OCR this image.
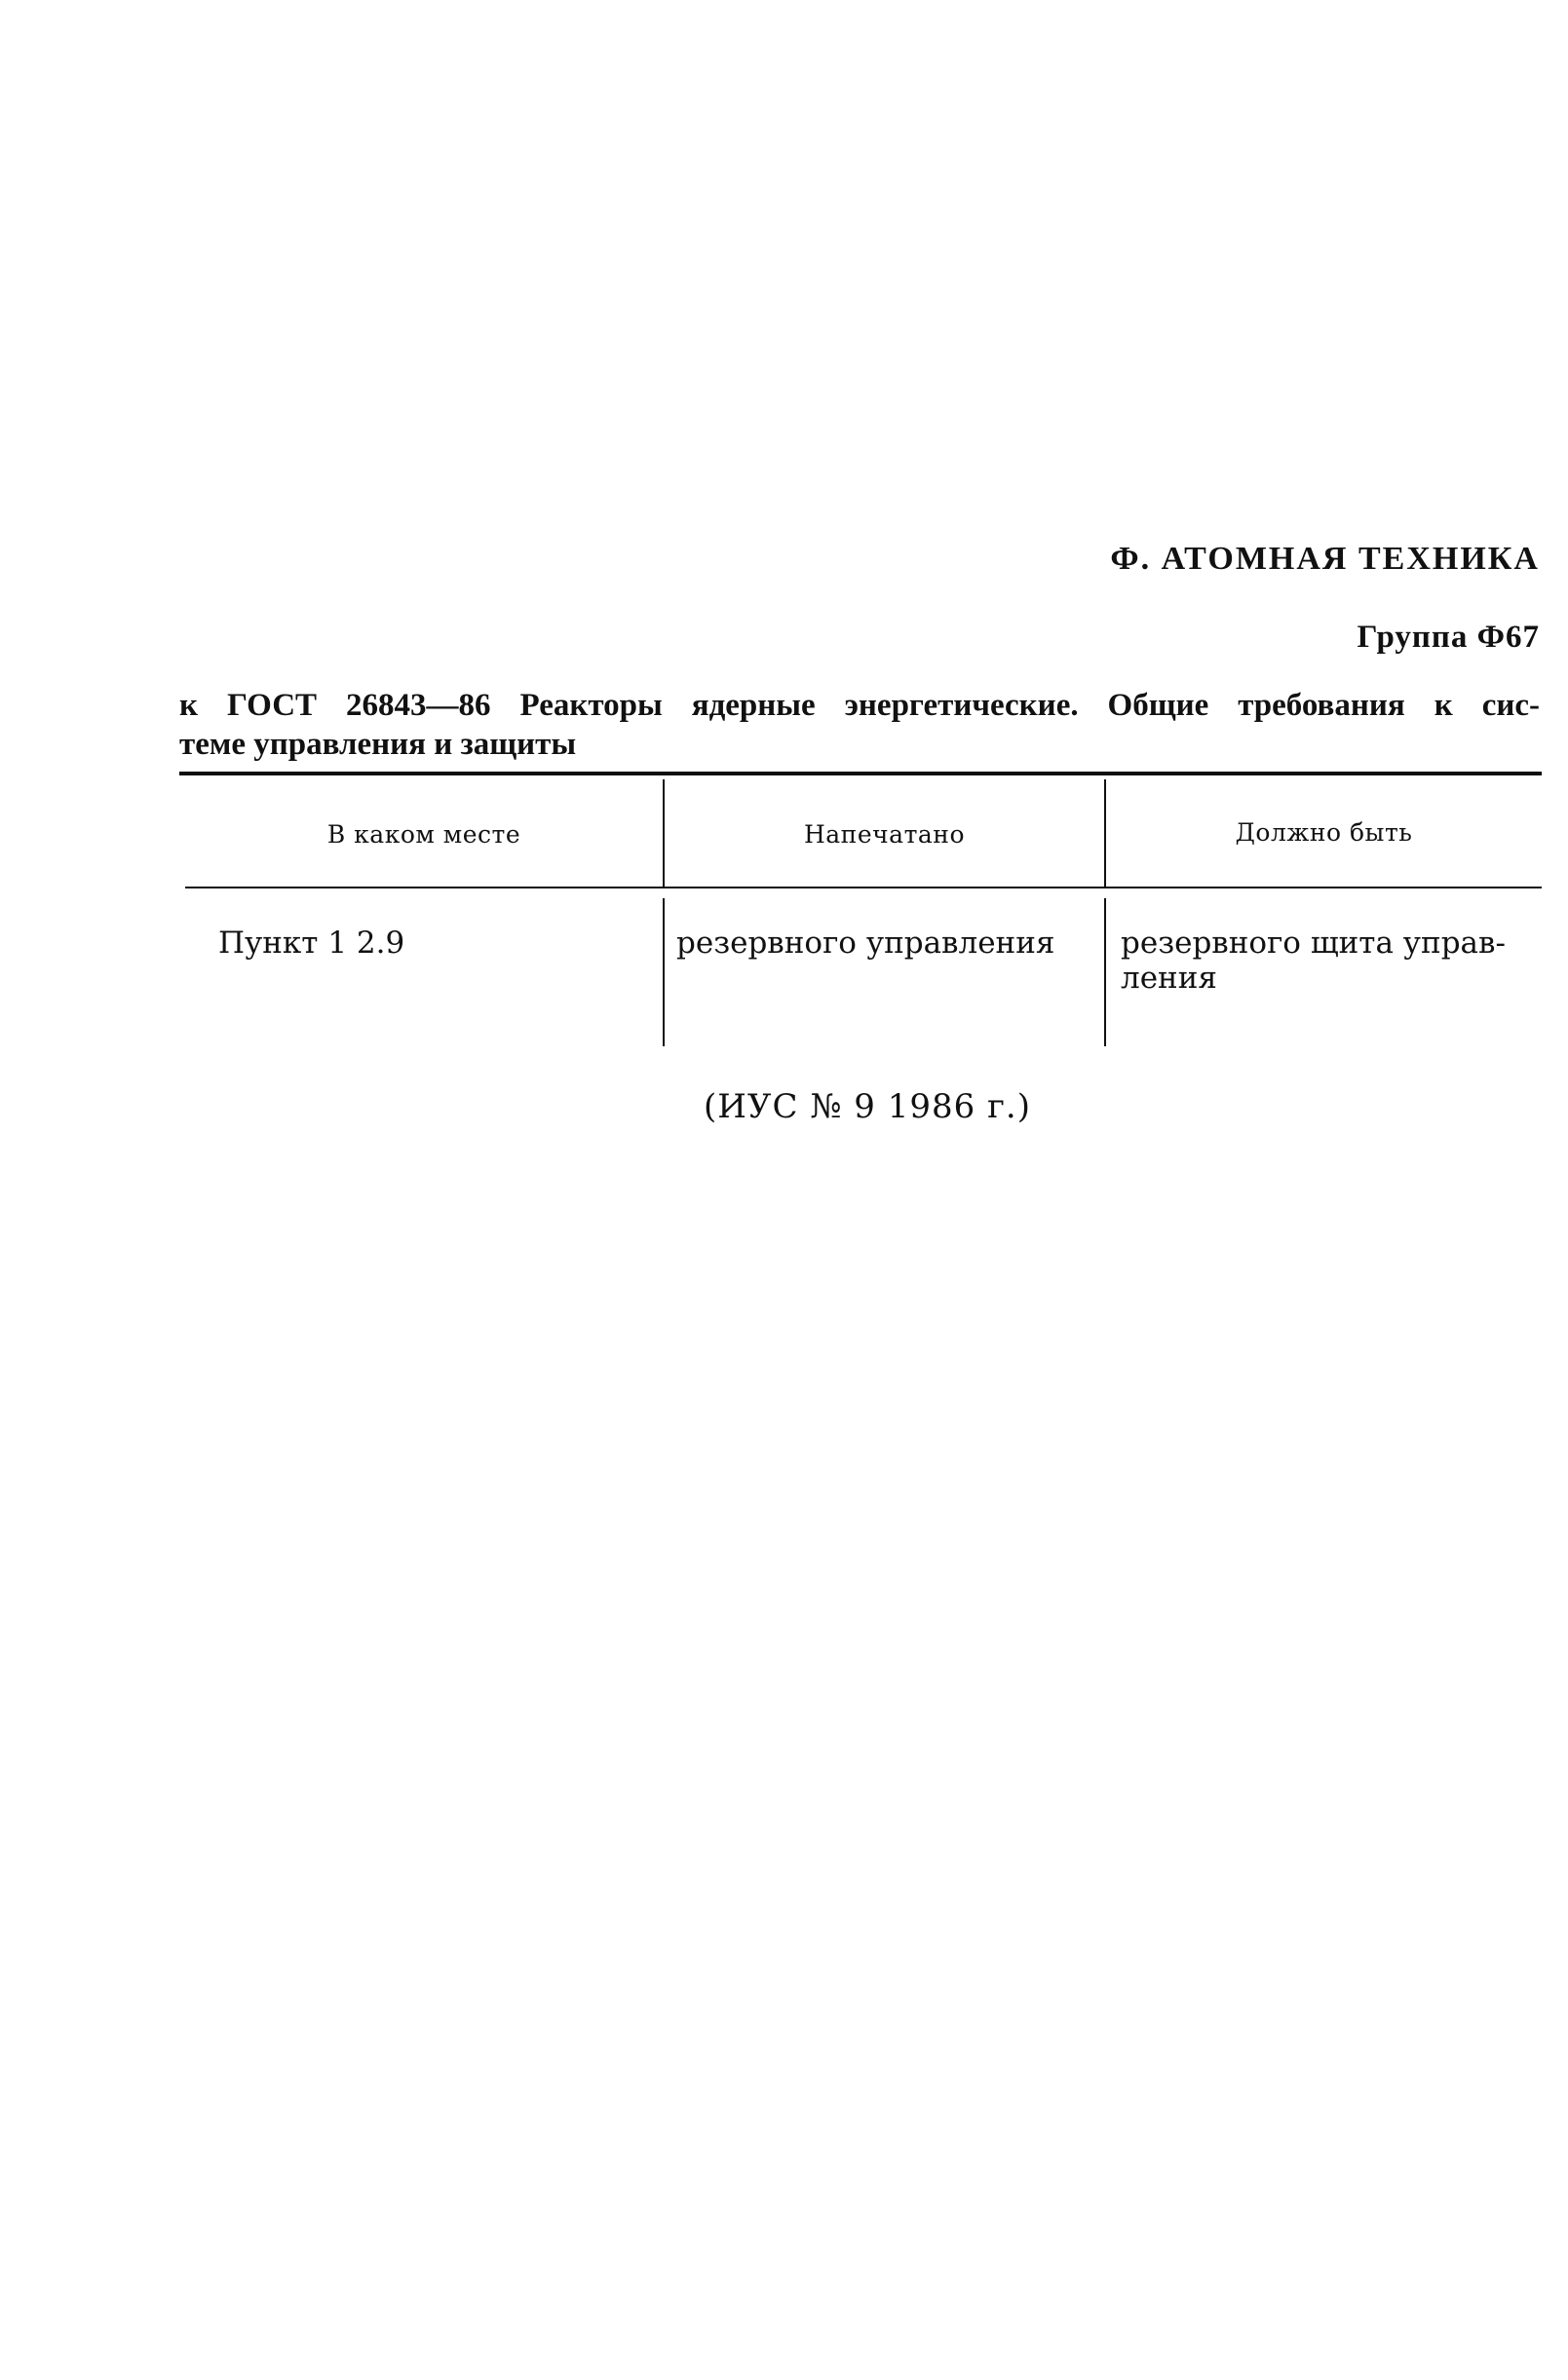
Ф. АТОМНАЯ ТЕХНИКА
Группа Ф67
к ГОСТ 26843—86 Реакторы ядерные энергетические. Общие требования к сис-
теме управления и защиты
В каком месте	Напечатано	Должно быть
Пункт 1 2.9	резервного управления	резервного щита управ-
ления

(ИУС № 9 1986 г.)
